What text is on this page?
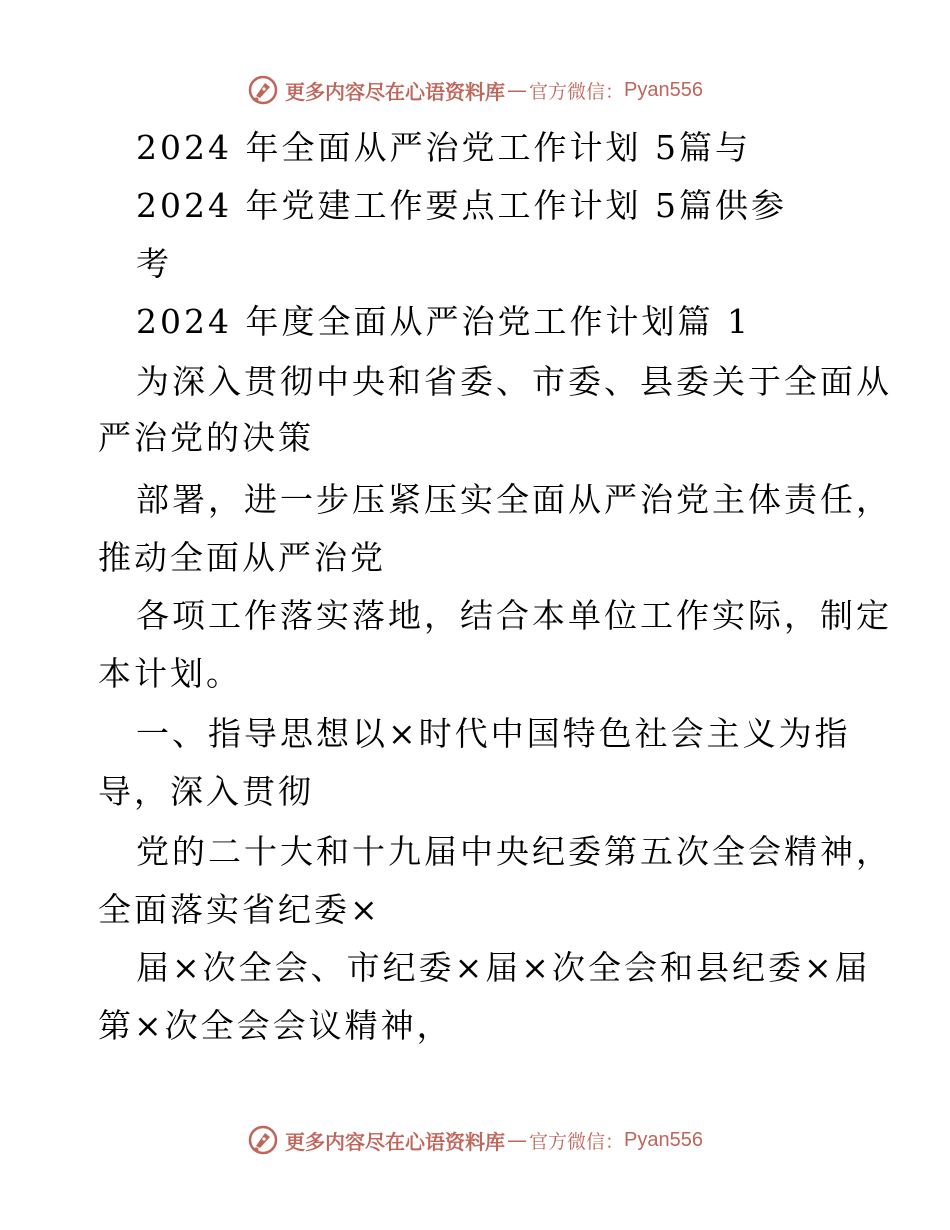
更多内容尽在心语资料库 — 官方微信： Pyan556
2024 年全面从严治党工作计划 5篇与
2024 年党建工作要点工作计划 5篇供参
考
2024 年度全面从严治党工作计划篇 1
为深入贯彻中央和省委、市委、县委关于全面从
严治党的决策
部署，进一步压紧压实全面从严治党主体责任，
推动全面从严治党
各项工作落实落地，结合本单位工作实际，制定
本计划。
一、指导思想以×时代中国特色社会主义为指
导，深入贯彻
党的二十大和十九届中央纪委第五次全会精神，
全面落实省纪委×
届×次全会、市纪委×届×次全会和县纪委×届
第×次全会会议精神，
更多内容尽在心语资料库 — 官方微信： Pyan556
